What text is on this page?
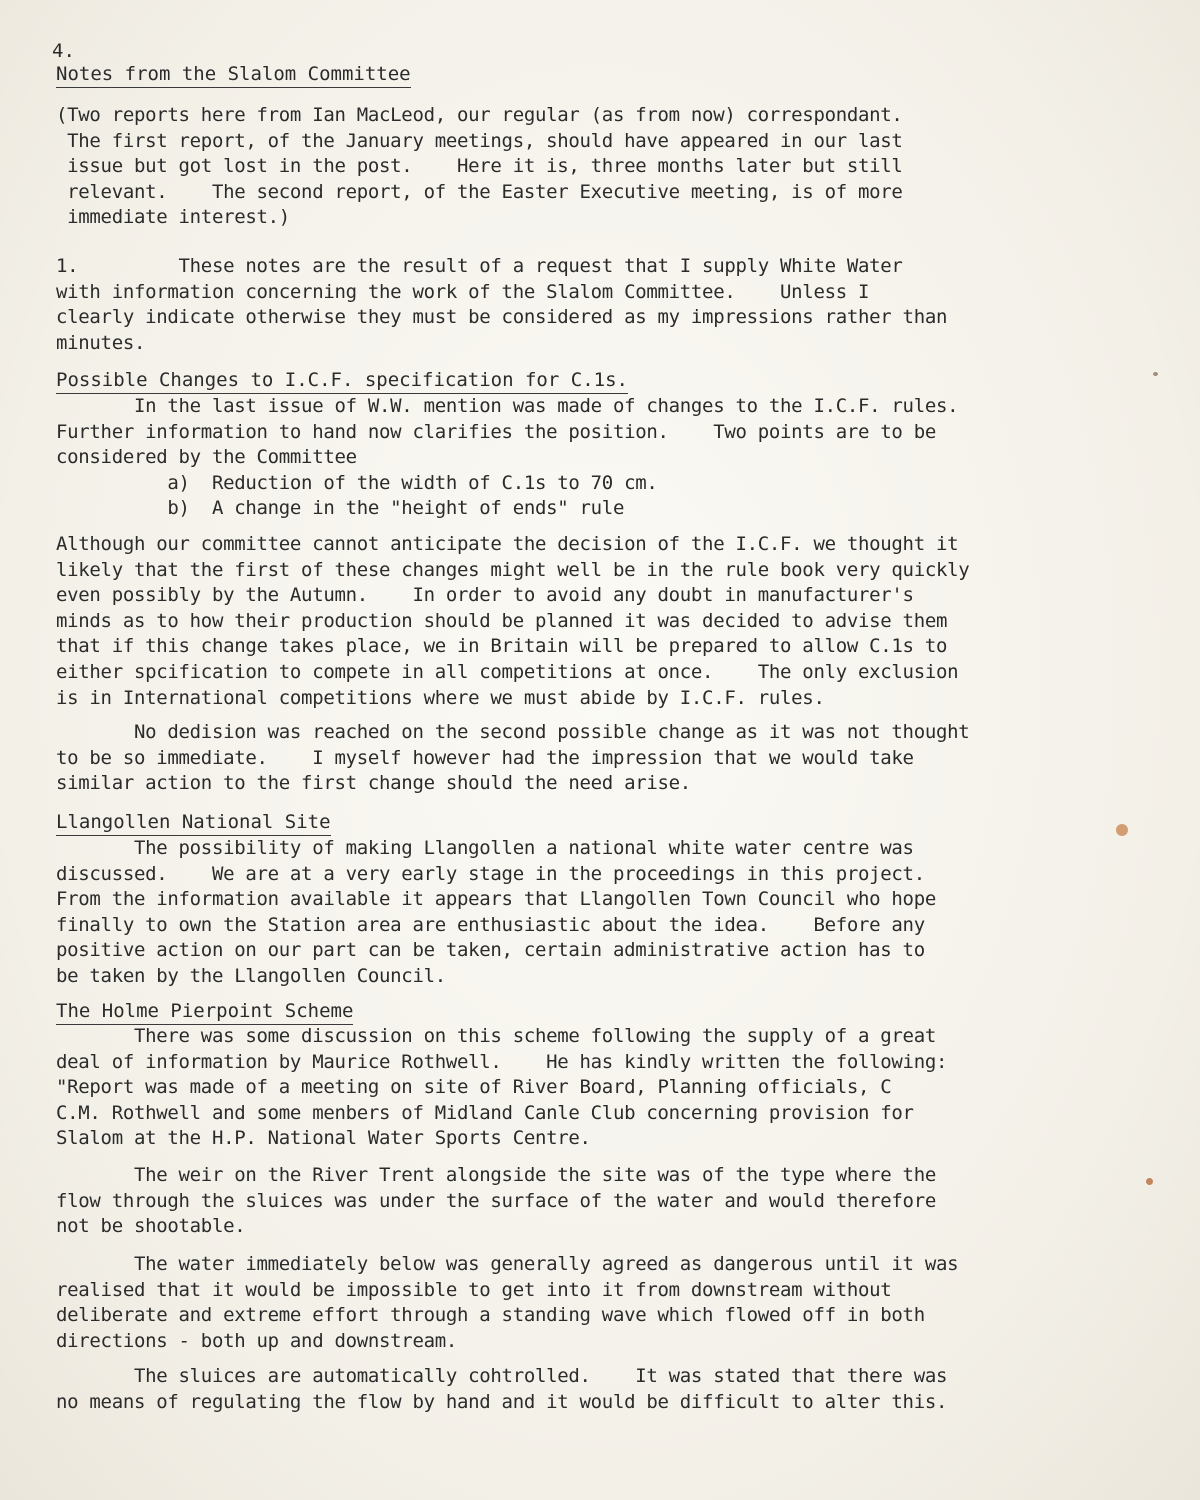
4.
Notes from the Slalom Committee
(Two reports here from Ian MacLeod, our regular (as from now) correspondant.
The first report, of the January meetings, should have appeared in our last
issue but got lost in the post.    Here it is, three months later but still
relevant.    The second report, of the Easter Executive meeting, is of more
immediate interest.)
1.         These notes are the result of a request that I supply White Water
with information concerning the work of the Slalom Committee.    Unless I
clearly indicate otherwise they must be considered as my impressions rather than
minutes.
Possible Changes to I.C.F. specification for C.1s.
In the last issue of W.W. mention was made of changes to the I.C.F. rules.
Further information to hand now clarifies the position.    Two points are to be
considered by the Committee
a)  Reduction of the width of C.1s to 70 cm.
b)  A change in the "height of ends" rule
Although our committee cannot anticipate the decision of the I.C.F. we thought it
likely that the first of these changes might well be in the rule book very quickly
even possibly by the Autumn.    In order to avoid any doubt in manufacturer's
minds as to how their production should be planned it was decided to advise them
that if this change takes place, we in Britain will be prepared to allow C.1s to
either spcification to compete in all competitions at once.    The only exclusion
is in International competitions where we must abide by I.C.F. rules.
No dedision was reached on the second possible change as it was not thought
to be so immediate.    I myself however had the impression that we would take
similar action to the first change should the need arise.
Llangollen National Site
The possibility of making Llangollen a national white water centre was
discussed.    We are at a very early stage in the proceedings in this project.
From the information available it appears that Llangollen Town Council who hope
finally to own the Station area are enthusiastic about the idea.    Before any
positive action on our part can be taken, certain administrative action has to
be taken by the Llangollen Council.
The Holme Pierpoint Scheme
There was some discussion on this scheme following the supply of a great
deal of information by Maurice Rothwell.    He has kindly written the following:
"Report was made of a meeting on site of River Board, Planning officials, C
C.M. Rothwell and some menbers of Midland Canle Club concerning provision for
Slalom at the H.P. National Water Sports Centre.
The weir on the River Trent alongside the site was of the type where the
flow through the sluices was under the surface of the water and would therefore
not be shootable.
The water immediately below was generally agreed as dangerous until it was
realised that it would be impossible to get into it from downstream without
deliberate and extreme effort through a standing wave which flowed off in both
directions - both up and downstream.
The sluices are automatically cohtrolled.    It was stated that there was
no means of regulating the flow by hand and it would be difficult to alter this.
